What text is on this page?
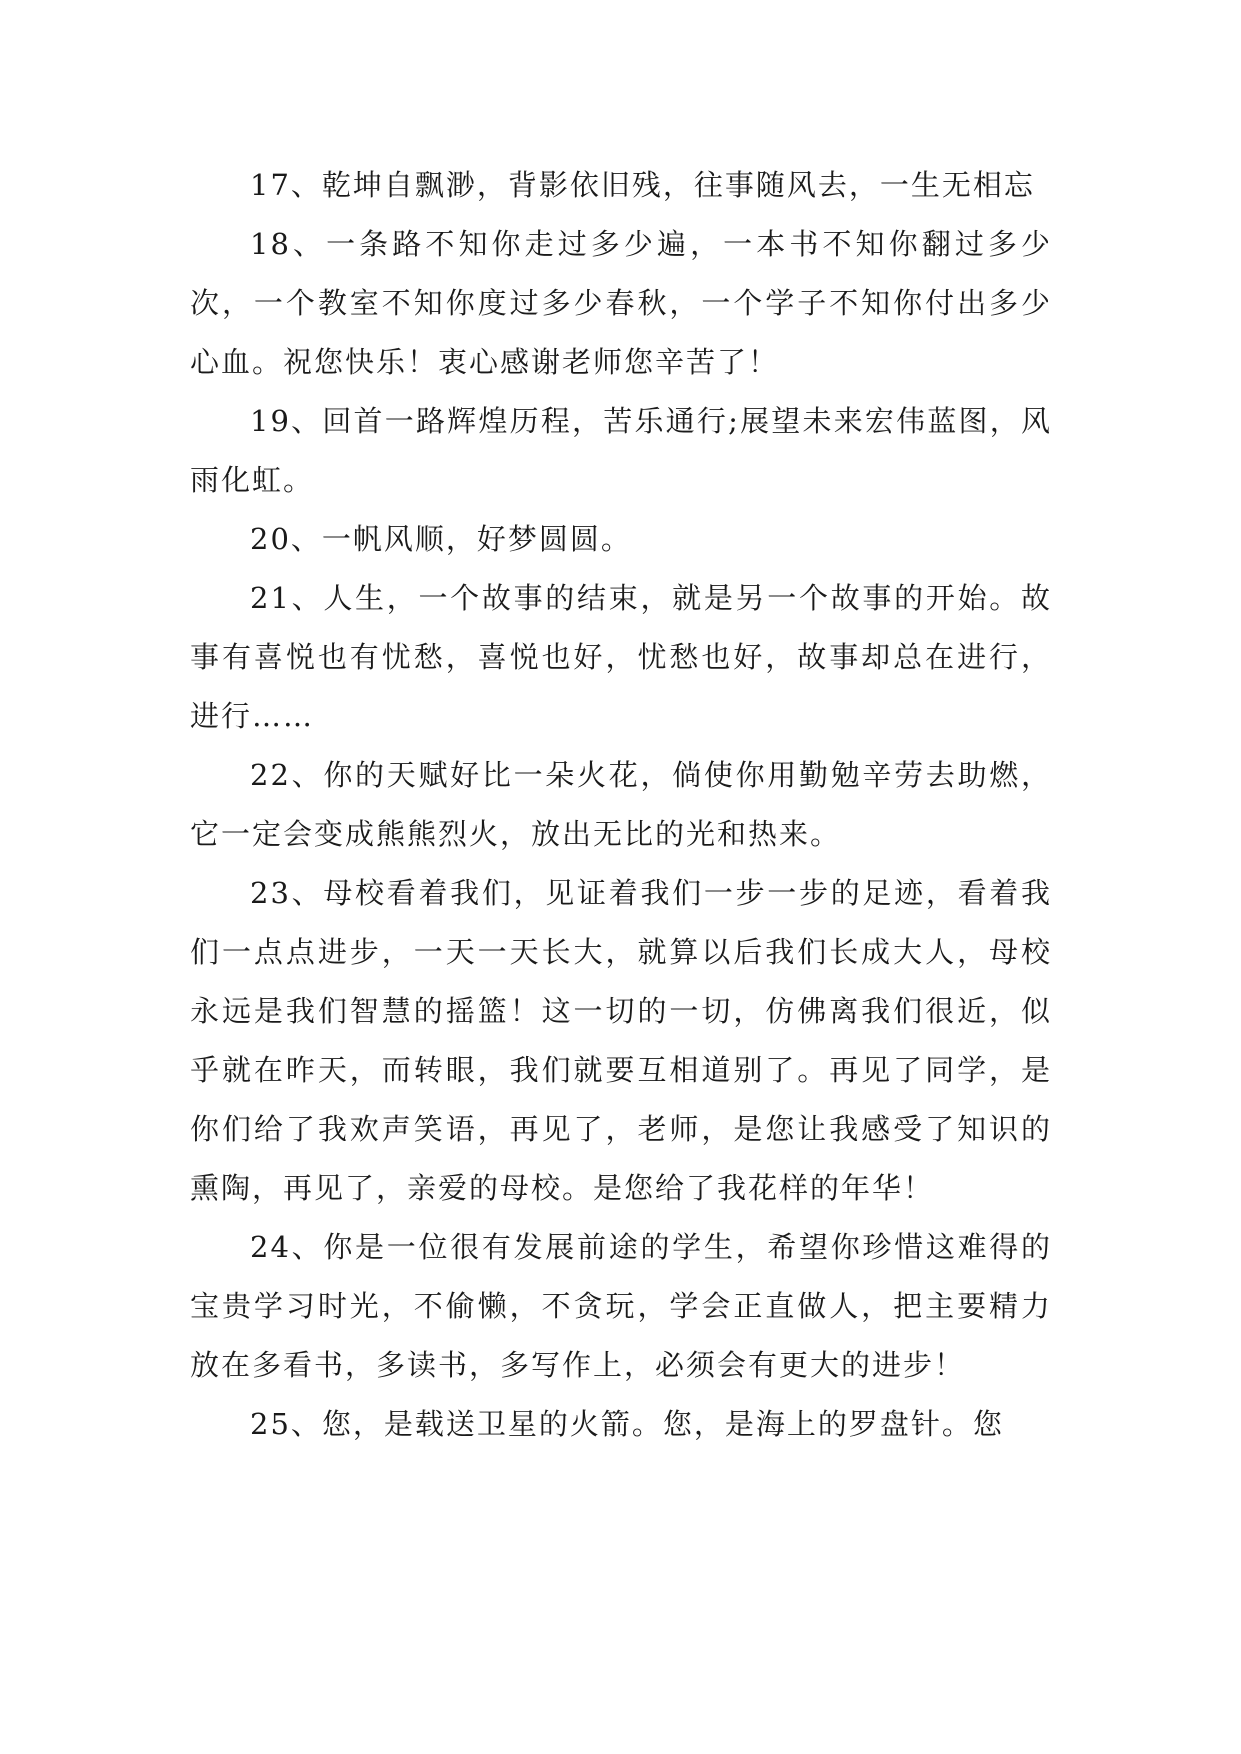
17、乾坤自飘渺，背影依旧残，往事随风去，一生无相忘

18、一条路不知你走过多少遍，一本书不知你翻过多少次，一个教室不知你度过多少春秋，一个学子不知你付出多少心血。祝您快乐！衷心感谢老师您辛苦了！

19、回首一路辉煌历程，苦乐通行;展望未来宏伟蓝图，风雨化虹。

20、一帆风顺，好梦圆圆。

21、人生，一个故事的结束，就是另一个故事的开始。故事有喜悦也有忧愁，喜悦也好，忧愁也好，故事却总在进行，进行……

22、你的天赋好比一朵火花，倘使你用勤勉辛劳去助燃，它一定会变成熊熊烈火，放出无比的光和热来。

23、母校看着我们，见证着我们一步一步的足迹，看着我们一点点进步，一天一天长大，就算以后我们长成大人，母校永远是我们智慧的摇篮！这一切的一切，仿佛离我们很近，似乎就在昨天，而转眼，我们就要互相道别了。再见了同学，是你们给了我欢声笑语，再见了，老师，是您让我感受了知识的熏陶，再见了，亲爱的母校。是您给了我花样的年华！

24、你是一位很有发展前途的学生，希望你珍惜这难得的宝贵学习时光，不偷懒，不贪玩，学会正直做人，把主要精力放在多看书，多读书，多写作上，必须会有更大的进步！

25、您，是载送卫星的火箭。您，是海上的罗盘针。您
